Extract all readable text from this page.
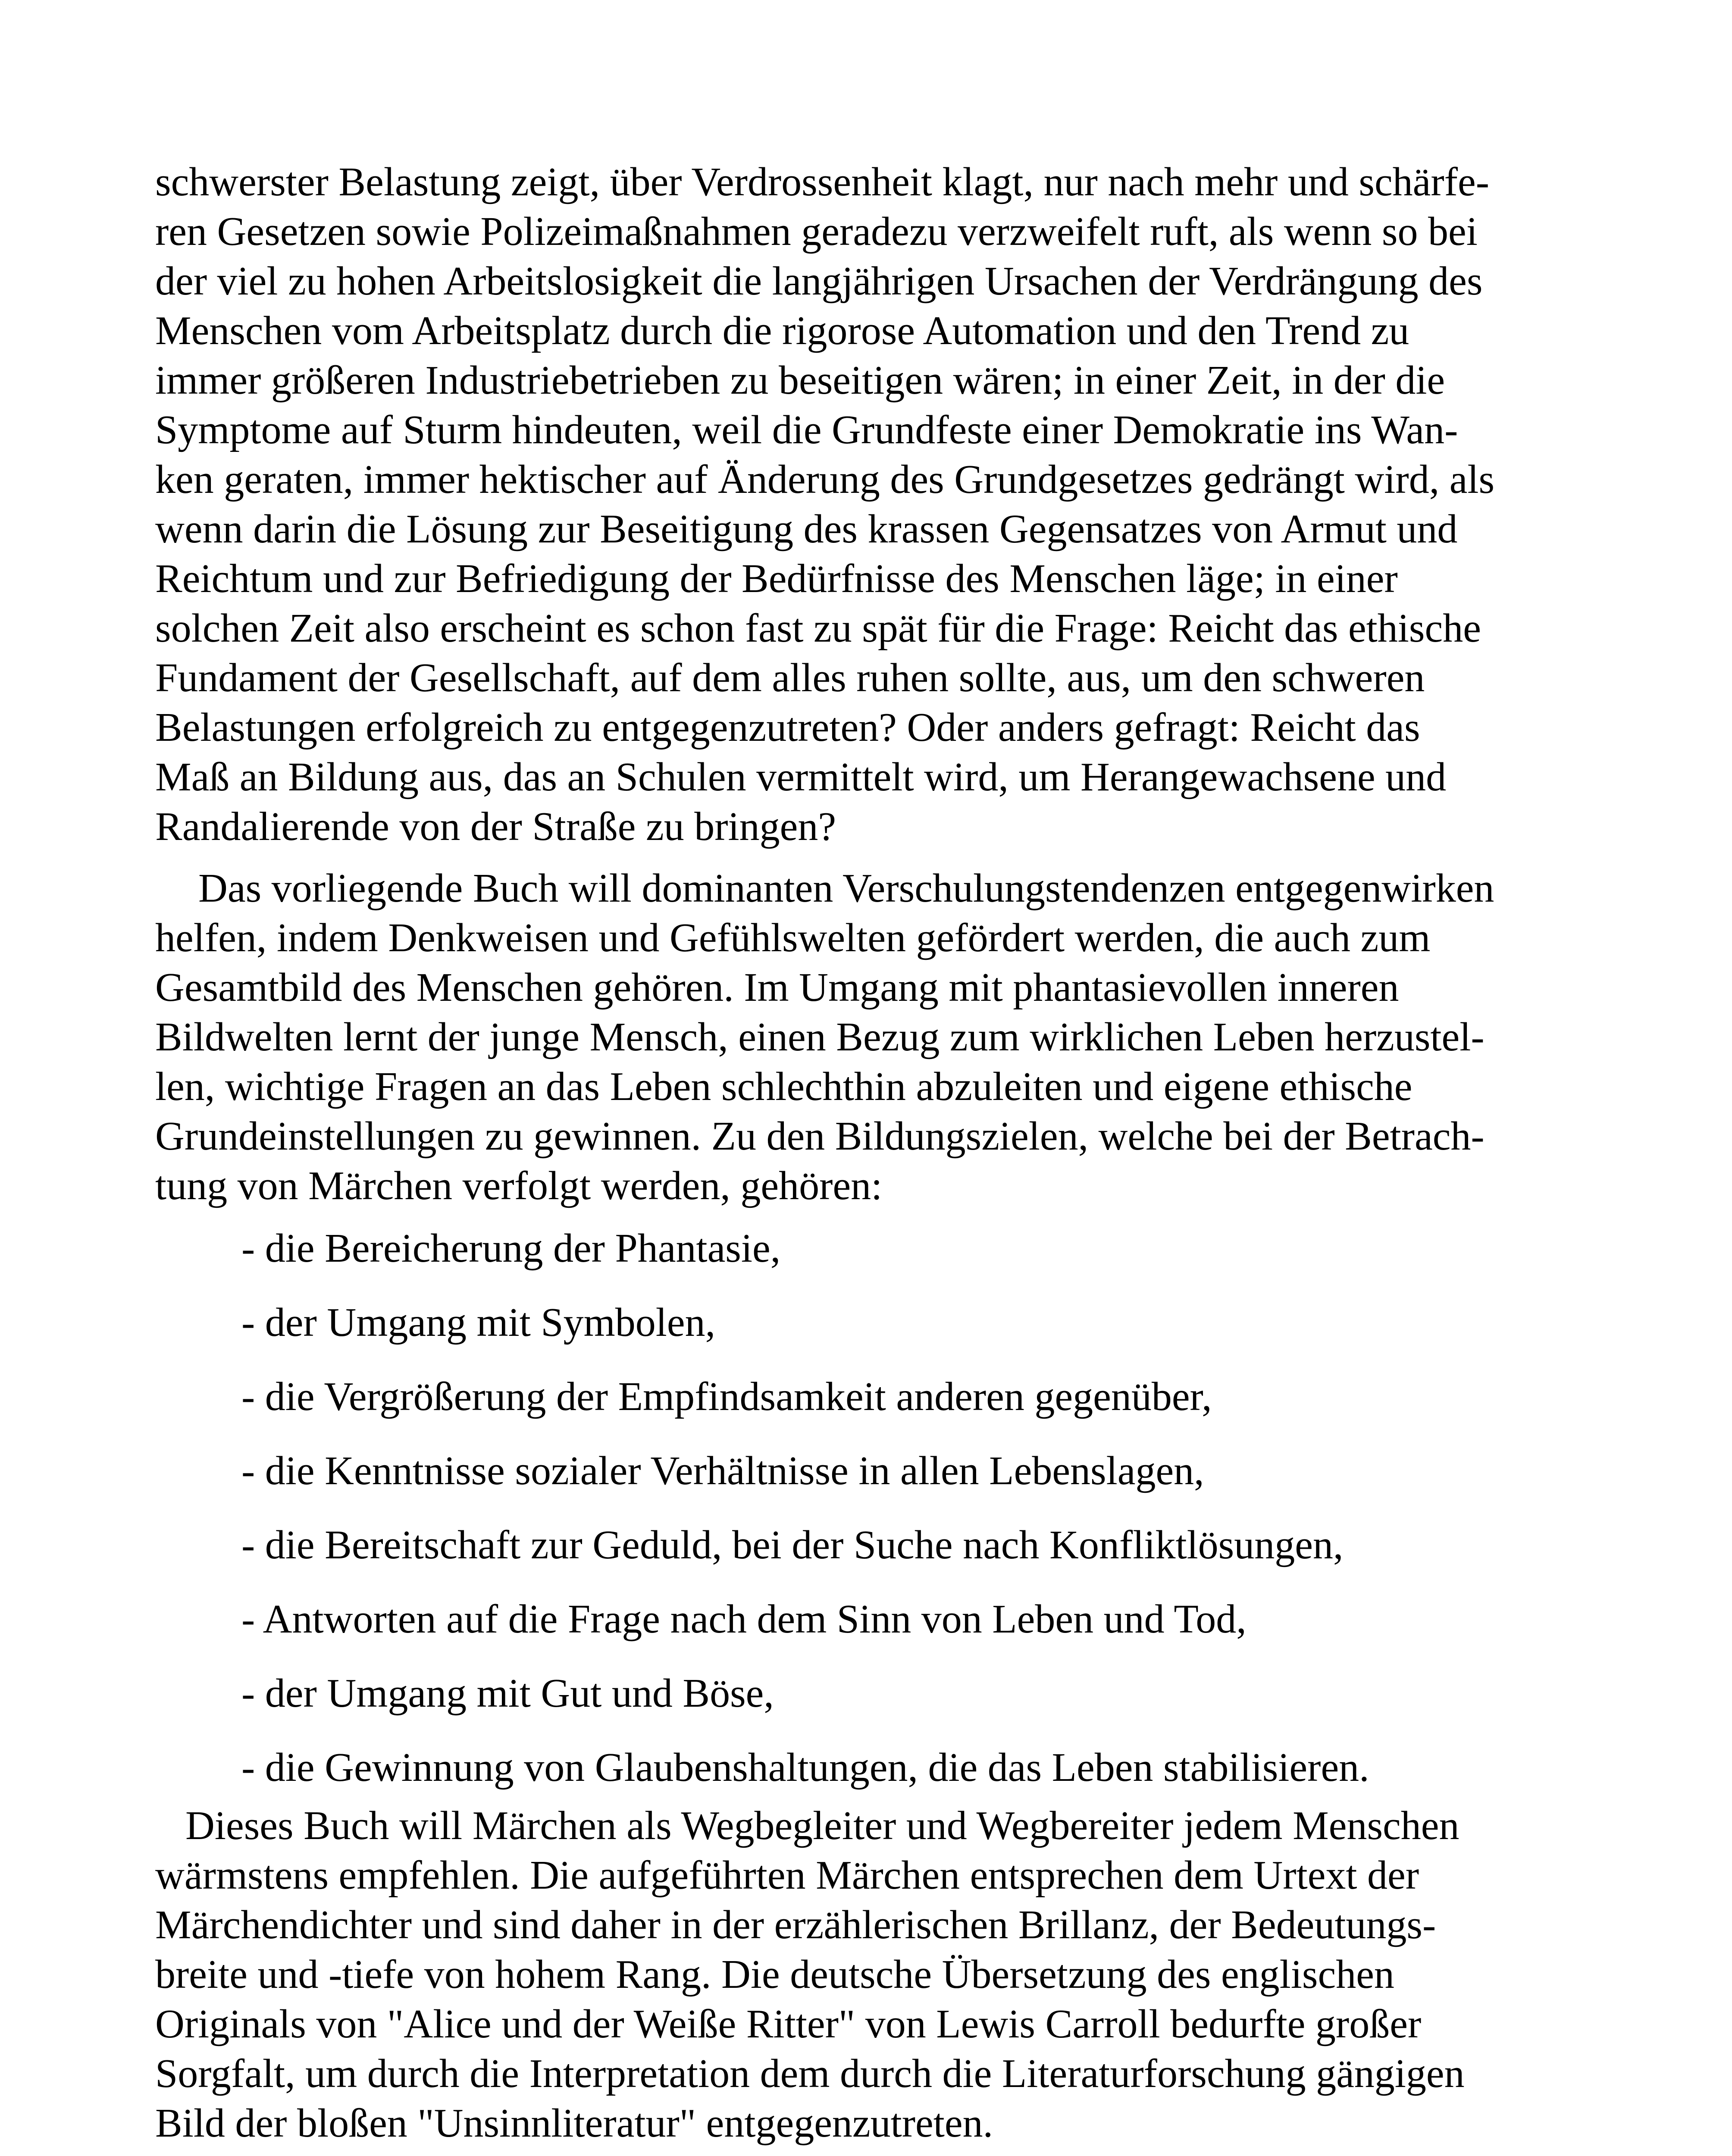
schwerster Belastung zeigt, über Verdrossenheit klagt, nur nach mehr und schärfe-
ren Gesetzen sowie Polizeimaßnahmen geradezu verzweifelt ruft, als wenn so bei
der viel zu hohen Arbeitslosigkeit die langjährigen Ursachen der Verdrängung des
Menschen vom Arbeitsplatz durch die rigorose Automation und den Trend zu
immer größeren Industriebetrieben zu beseitigen wären; in einer Zeit, in der die
Symptome auf Sturm hindeuten, weil die Grundfeste einer Demokratie ins Wan-
ken geraten, immer hektischer auf Änderung des Grundgesetzes gedrängt wird, als
wenn darin die Lösung zur Beseitigung des krassen Gegensatzes von Armut und
Reichtum und zur Befriedigung der Bedürfnisse des Menschen läge; in einer
solchen Zeit also erscheint es schon fast zu spät für die Frage: Reicht das ethische
Fundament der Gesellschaft, auf dem alles ruhen sollte, aus, um den schweren
Belastungen erfolgreich zu entgegenzutreten? Oder anders gefragt: Reicht das
Maß an Bildung aus, das an Schulen vermittelt wird, um Herangewachsene und
Randalierende von der Straße zu bringen?
Das vorliegende Buch will dominanten Verschulungstendenzen entgegenwirken
helfen, indem Denkweisen und Gefühlswelten gefördert werden, die auch zum
Gesamtbild des Menschen gehören. Im Umgang mit phantasievollen inneren
Bildwelten lernt der junge Mensch, einen Bezug zum wirklichen Leben herzustel-
len, wichtige Fragen an das Leben schlechthin abzuleiten und eigene ethische
Grundeinstellungen zu gewinnen. Zu den Bildungszielen, welche bei der Betrach-
tung von Märchen verfolgt werden, gehören:
- die Bereicherung der Phantasie,
- der Umgang mit Symbolen,
- die Vergrößerung der Empfindsamkeit anderen gegenüber,
- die Kenntnisse sozialer Verhältnisse in allen Lebenslagen,
- die Bereitschaft zur Geduld, bei der Suche nach Konfliktlösungen,
- Antworten auf die Frage nach dem Sinn von Leben und Tod,
- der Umgang mit Gut und Böse,
- die Gewinnung von Glaubenshaltungen, die das Leben stabilisieren.
Dieses Buch will Märchen als Wegbegleiter und Wegbereiter jedem Menschen
wärmstens empfehlen. Die aufgeführten Märchen entsprechen dem Urtext der
Märchendichter und sind daher in der erzählerischen Brillanz, der Bedeutungs-
breite und -tiefe von hohem Rang. Die deutsche Übersetzung des englischen
Originals von "Alice und der Weiße Ritter" von Lewis Carroll bedurfte großer
Sorgfalt, um durch die Interpretation dem durch die Literaturforschung gängigen
Bild der bloßen "Unsinnliteratur" entgegenzutreten.
